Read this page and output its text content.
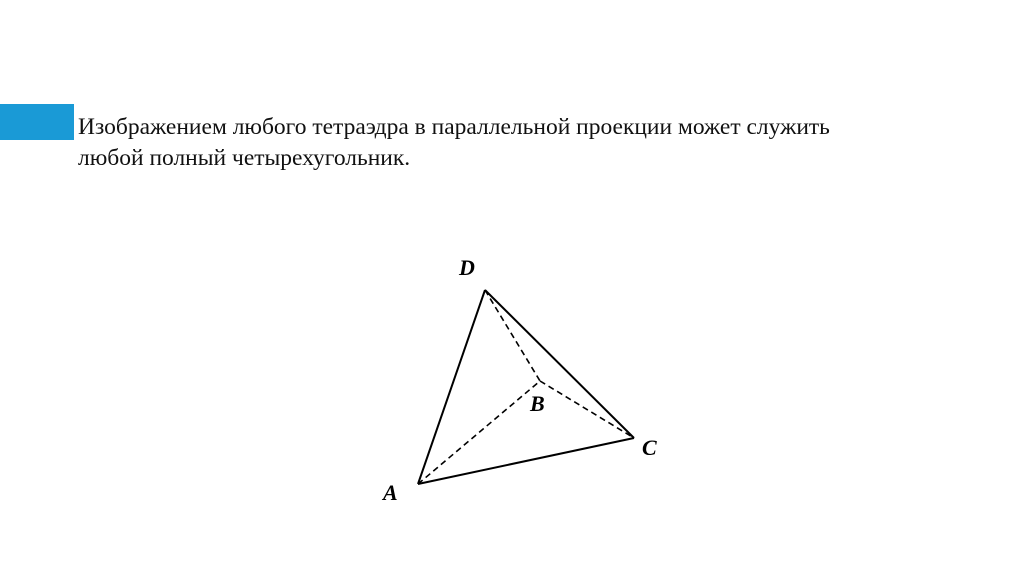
Изображением любого тетраэдра в параллельной проекции может служить
любой полный четырехугольник.
D
B
C
A
